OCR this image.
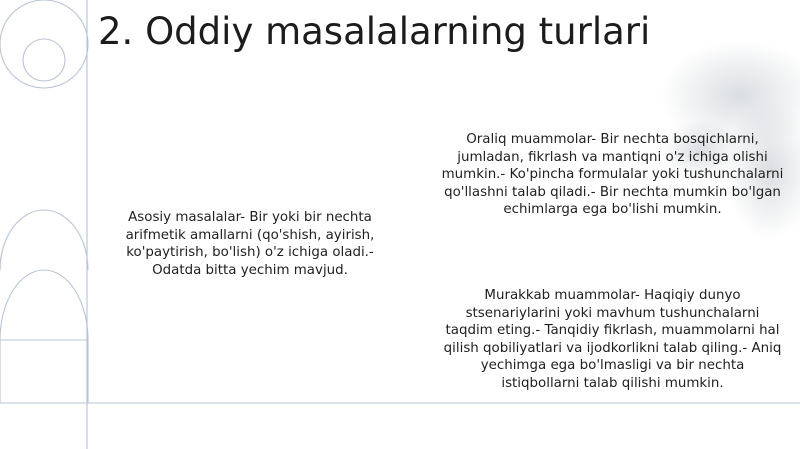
2. Oddiy masalalarning turlari
Asosiy masalalar- Bir yoki bir nechta arifmetik amallarni (qo'shish, ayirish, ko'paytirish, bo'lish) o'z ichiga oladi.- Odatda bitta yechim mavjud.
Oraliq muammolar- Bir nechta bosqichlarni, jumladan, fikrlash va mantiqni o'z ichiga olishi mumkin.- Ko'pincha formulalar yoki tushunchalarni qo'llashni talab qiladi.- Bir nechta mumkin bo'lgan echimlarga ega bo'lishi mumkin.
Murakkab muammolar- Haqiqiy dunyo stsenariylarini yoki mavhum tushunchalarni taqdim eting.- Tanqidiy fikrlash, muammolarni hal qilish qobiliyatlari va ijodkorlikni talab qiling.- Aniq yechimga ega bo'lmasligi va bir nechta istiqbollarni talab qilishi mumkin.
